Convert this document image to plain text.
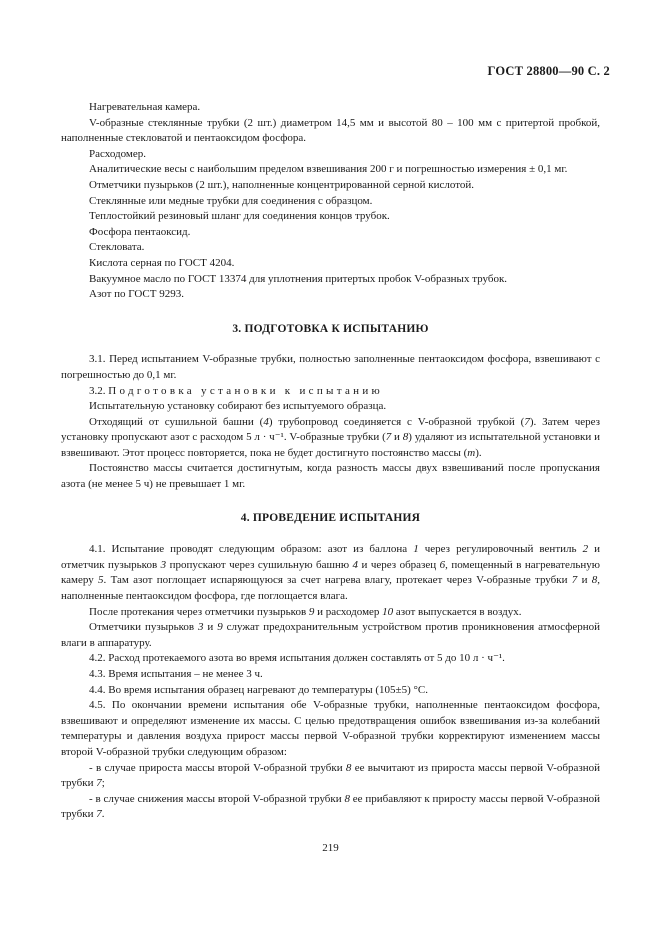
ГОСТ 28800—90 С. 2

Нагревательная камера.

V-образные стеклянные трубки (2 шт.) диаметром 14,5 мм и высотой 80 – 100 мм с притертой пробкой, наполненные стекловатой и пентаоксидом фосфора.

Расходомер.

Аналитические весы с наибольшим пределом взвешивания 200 г и погрешностью измерения ± 0,1 мг.

Отметчики пузырьков (2 шт.), наполненные концентрированной серной кислотой.

Стеклянные или медные трубки для соединения с образцом.

Теплостойкий резиновый шланг для соединения концов трубок.

Фосфора пентаоксид.

Стекловата.

Кислота серная по ГОСТ 4204.

Вакуумное масло по ГОСТ 13374 для уплотнения притертых пробок V-образных трубок.

Азот по ГОСТ 9293.

3. ПОДГОТОВКА К ИСПЫТАНИЮ

3.1. Перед испытанием V-образные трубки, полностью заполненные пентаоксидом фосфора, взвешивают с погрешностью до 0,1 мг.

3.2. Подготовка установки к испытанию

Испытательную установку собирают без испытуемого образца.

Отходящий от сушильной башни (4) трубопровод соединяется с V-образной трубкой (7). Затем через установку пропускают азот с расходом 5 л · ч⁻¹. V-образные трубки (7 и 8) удаляют из испытательной установки и взвешивают. Этот процесс повторяется, пока не будет достигнуто постоянство массы (m).

Постоянство массы считается достигнутым, когда разность массы двух взвешиваний после пропускания азота (не менее 5 ч) не превышает 1 мг.

4. ПРОВЕДЕНИЕ ИСПЫТАНИЯ

4.1. Испытание проводят следующим образом: азот из баллона 1 через регулировочный вентиль 2 и отметчик пузырьков 3 пропускают через сушильную башню 4 и через образец 6, помещенный в нагревательную камеру 5. Там азот поглощает испаряющуюся за счет нагрева влагу, протекает через V-образные трубки 7 и 8, наполненные пентаоксидом фосфора, где поглощается влага.

После протекания через отметчики пузырьков 9 и расходомер 10 азот выпускается в воздух.

Отметчики пузырьков 3 и 9 служат предохранительным устройством против проникновения атмосферной влаги в аппаратуру.

4.2. Расход протекаемого азота во время испытания должен составлять от 5 до 10 л · ч⁻¹.

4.3. Время испытания – не менее 3 ч.

4.4. Во время испытания образец нагревают до температуры (105±5) °С.

4.5. По окончании времени испытания обе V-образные трубки, наполненные пентаоксидом фосфора, взвешивают и определяют изменение их массы. С целью предотвращения ошибок взвешивания из-за колебаний температуры и давления воздуха прирост массы первой V-образной трубки корректируют изменением массы второй V-образной трубки следующим образом:

- в случае прироста массы второй V-образной трубки 8 ее вычитают из прироста массы первой V-образной трубки 7;

- в случае снижения массы второй V-образной трубки 8 ее прибавляют к приросту массы первой V-образной трубки 7.

219
